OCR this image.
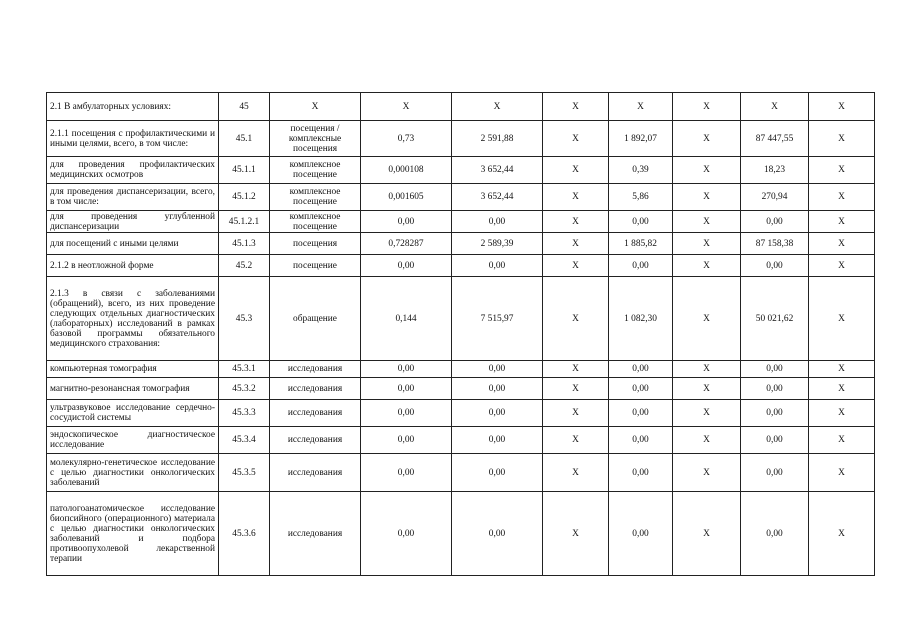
2.1 В амбулаторных условиях:	45	Х	Х	Х	Х	Х	Х	Х	Х
2.1.1 посещения с профилактическими и иными целями, всего, в том числе:	45.1	посещения / комплексные посещения	0,73	2 591,88	Х	1 892,07	Х	87 447,55	Х
для проведения профилактических медицинских осмотров	45.1.1	комплексное посещение	0,000108	3 652,44	Х	0,39	Х	18,23	Х
для проведения диспансеризации, всего, в том числе:	45.1.2	комплексное посещение	0,001605	3 652,44	Х	5,86	Х	270,94	Х
для проведения углубленной диспансеризации	45.1.2.1	комплексное посещение	0,00	0,00	Х	0,00	Х	0,00	Х
для посещений с иными целями	45.1.3	посещения	0,728287	2 589,39	Х	1 885,82	Х	87 158,38	Х
2.1.2 в неотложной форме	45.2	посещение	0,00	0,00	Х	0,00	Х	0,00	Х
2.1.3 в связи с заболеваниями (обращений), всего, из них проведение следующих отдельных диагностических (лабораторных) исследований в рамках базовой программы обязательного медицинского страхования:	45.3	обращение	0,144	7 515,97	Х	1 082,30	Х	50 021,62	Х
компьютерная томография	45.3.1	исследования	0,00	0,00	Х	0,00	Х	0,00	Х
магнитно-резонансная томография	45.3.2	исследования	0,00	0,00	Х	0,00	Х	0,00	Х
ультразвуковое исследование сердечно-сосудистой системы	45.3.3	исследования	0,00	0,00	Х	0,00	Х	0,00	Х
эндоскопическое диагностическое исследование	45.3.4	исследования	0,00	0,00	Х	0,00	Х	0,00	Х
молекулярно-генетическое исследование с целью диагностики онкологических заболеваний	45.3.5	исследования	0,00	0,00	Х	0,00	Х	0,00	Х
патологоанатомическое исследование биопсийного (операционного) материала с целью диагностики онкологических заболеваний и подбора противоопухолевой лекарственной терапии	45.3.6	исследования	0,00	0,00	Х	0,00	Х	0,00	Х
